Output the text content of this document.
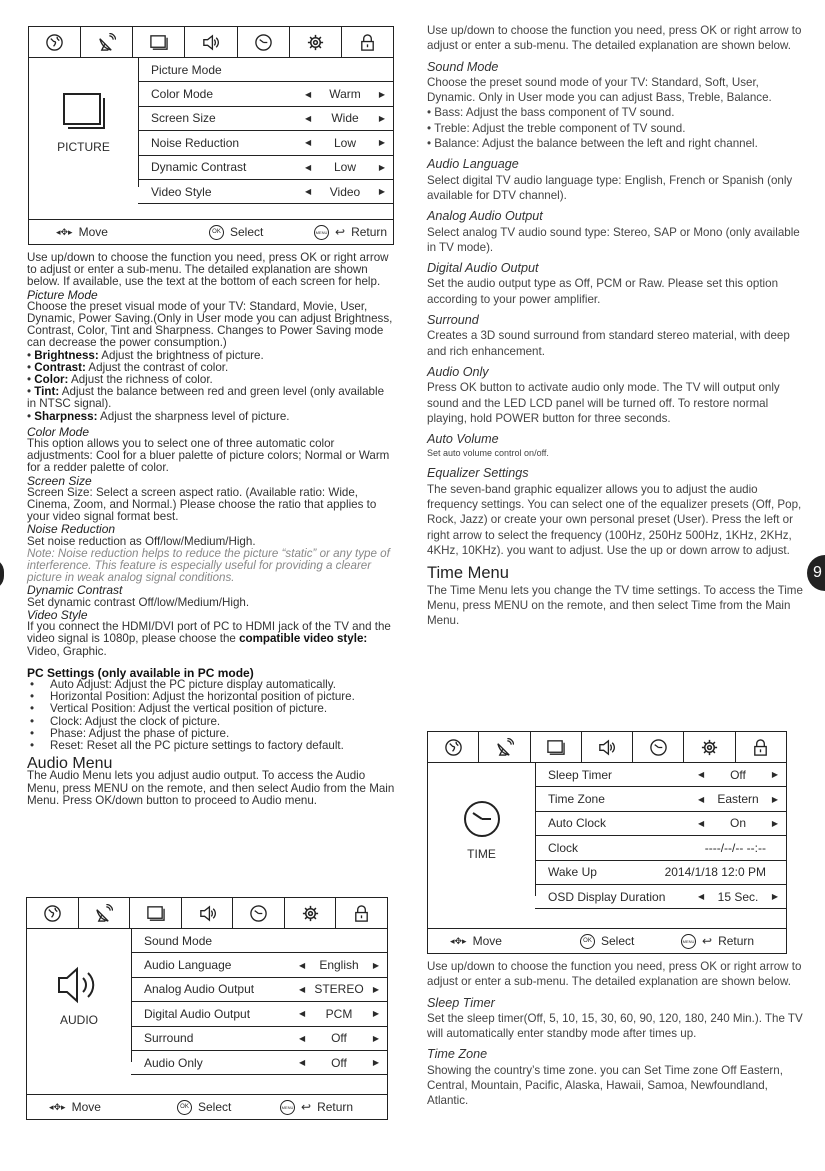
9
PICTURE
Picture Mode
Color Mode	◀ Warm ▶
Screen Size	◀ Wide	▶
Noise Reduction	◀ Low	▶
Dynamic Contrast	◀ Low	▶
Video Style	◀ Video ▶
◂✥▸ Move	OK Select	MENU ↩ Return
Use up/down to choose the function you need, press OK or right arrow to adjust or enter a sub-menu. The detailed explanation are shown below. If available, use the text at the bottom of each screen for help.
Picture Mode
Choose the preset visual mode of your TV: Standard, Movie, User, Dynamic, Power Saving.(Only in User mode you can adjust Brightness, Contrast, Color, Tint and Sharpness. Changes to Power Saving mode can decrease the power consumption.)
• Brightness: Adjust the brightness of picture.
• Contrast: Adjust the contrast of color.
• Color: Adjust the richness of color.
• Tint: Adjust the balance between red and green level (only available in NTSC signal).
• Sharpness: Adjust the sharpness level of picture.
Color Mode
This option allows you to select one of three automatic color adjustments: Cool for a bluer palette of picture colors; Normal or Warm for a redder palette of color.
Screen Size
Screen Size: Select a screen aspect ratio. (Available ratio: Wide, Cinema, Zoom, and Normal.) Please choose the ratio that applies to your video signal format best.
Noise Reduction
Set noise reduction as Off/low/Medium/High.
Note: Noise reduction helps to reduce the picture “static” or any type of interference. This feature is especially useful for providing a clearer picture in weak analog signal conditions.
Dynamic Contrast
Set dynamic contrast Off/low/Medium/High.
Video Style
If you connect the HDMI/DVI port of PC to HDMI jack of the TV and the video signal is 1080p, please choose the compatible video style: Video, Graphic.
PC Settings (only available in PC mode)
• Auto Adjust: Adjust the PC picture display automatically.
• Horizontal Position: Adjust the horizontal position of picture.
• Vertical Position: Adjust the vertical position of picture.
• Clock: Adjust the clock of picture.
• Phase: Adjust the phase of picture.
• Reset: Reset all the PC picture settings to factory default.
Audio Menu
The Audio Menu lets you adjust audio output. To access the Audio Menu, press MENU on the remote, and then select Audio from the Main Menu. Press OK/down button to proceed to Audio menu.
AUDIO
Sound Mode
Audio Language	◀ English ▶
Analog Audio Output	◀ STEREO ▶
Digital Audio Output	◀ PCM	▶
Surround	◀ Off	▶
Audio Only	◀ Off	▶
◂✥▸ Move	OK Select	MENU ↩ Return
Use up/down to choose the function you need, press OK or right arrow to adjust or enter a sub-menu. The detailed explanation are shown below.
Sound Mode
Choose the preset sound mode of your TV: Standard, Soft, User, Dynamic. Only in User mode you can adjust Bass, Treble, Balance.
• Bass: Adjust the bass component of TV sound.
• Treble: Adjust the treble component of TV sound.
• Balance: Adjust the balance between the left and right channel.
Audio Language
Select digital TV audio language type: English, French or Spanish (only available for DTV channel).
Analog Audio Output
Select analog TV audio sound type: Stereo, SAP or Mono (only available in TV mode).
Digital Audio Output
Set the audio output type as Off, PCM or Raw. Please set this option according to your power amplifier.
Surround
Creates a 3D sound surround from standard stereo material, with deep and rich enhancement.
Audio Only
Press OK button to activate audio only mode. The TV will output only sound and the LED LCD panel will be turned off. To restore normal playing, hold POWER button for three seconds.
Auto Volume
Set auto volume control on/off.
Equalizer Settings
The seven-band graphic equalizer allows you to adjust the audio frequency settings. You can select one of the equalizer presets (Off, Pop, Rock, Jazz) or create your own personal preset (User). Press the left or right arrow to select the frequency (100Hz, 250Hz 500Hz, 1KHz, 2KHz, 4KHz, 10KHz). you want to adjust. Use the up or down arrow to adjust.
Time Menu
The Time Menu lets you change the TV time settings. To access the Time Menu, press MENU on the remote, and then select Time from the Main Menu.
TIME
Sleep Timer	◀ Off	▶
Time Zone	◀ Eastern ▶
Auto Clock	◀ On	▶
Clock	----/--/-- --:--
Wake Up	2014/1/18 12:0 PM
OSD Display Duration	◀ 15 Sec. ▶
◂✥▸ Move	OK Select	MENU ↩ Return
Use up/down to choose the function you need, press OK or right arrow to adjust or enter a sub-menu. The detailed explanation are shown below.
Sleep Timer
Set the sleep timer(Off, 5, 10, 15, 30, 60, 90, 120, 180, 240 Min.). The TV will automatically enter standby mode after times up.
Time Zone
Showing the country’s time zone. you can Set Time zone Off Eastern, Central, Mountain, Pacific, Alaska, Hawaii, Samoa, Newfoundland, Atlantic.
